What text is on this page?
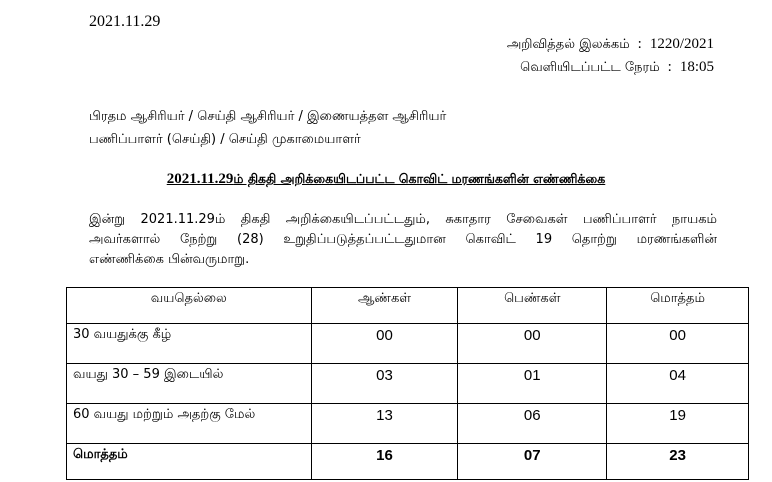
2021.11.29
அறிவித்தல் இலக்கம் : 1220/2021
வெளியிடப்பட்ட நேரம் : 18:05
பிரதம ஆசிரியர் / செய்தி ஆசிரியர் / இணையத்தள ஆசிரியர்
பணிப்பாளர் (செய்தி) / செய்தி முகாமையாளர்
2021.11.29ம் திகதி அறிக்கையிடப்பட்ட கொவிட் மரணங்களின் எண்ணிக்கை
இன்று 2021.11.29ம் திகதி அறிக்கையிடப்பட்டதும், சுகாதார சேவைகள் பணிப்பாளர் நாயகம்
அவர்களால் நேற்று (28) உறுதிப்படுத்தப்பட்டதுமான கொவிட் 19 தொற்று மரணங்களின்
எண்ணிக்கை பின்வருமாறு.
வயதெல்லை	ஆண்கள்	பெண்கள்	மொத்தம்
30 வயதுக்கு கீழ்	00	00	00
வயது 30 – 59 இடையில்	03	01	04
60 வயது மற்றும் அதற்கு மேல்	13	06	19
மொத்தம்	16	07	23
